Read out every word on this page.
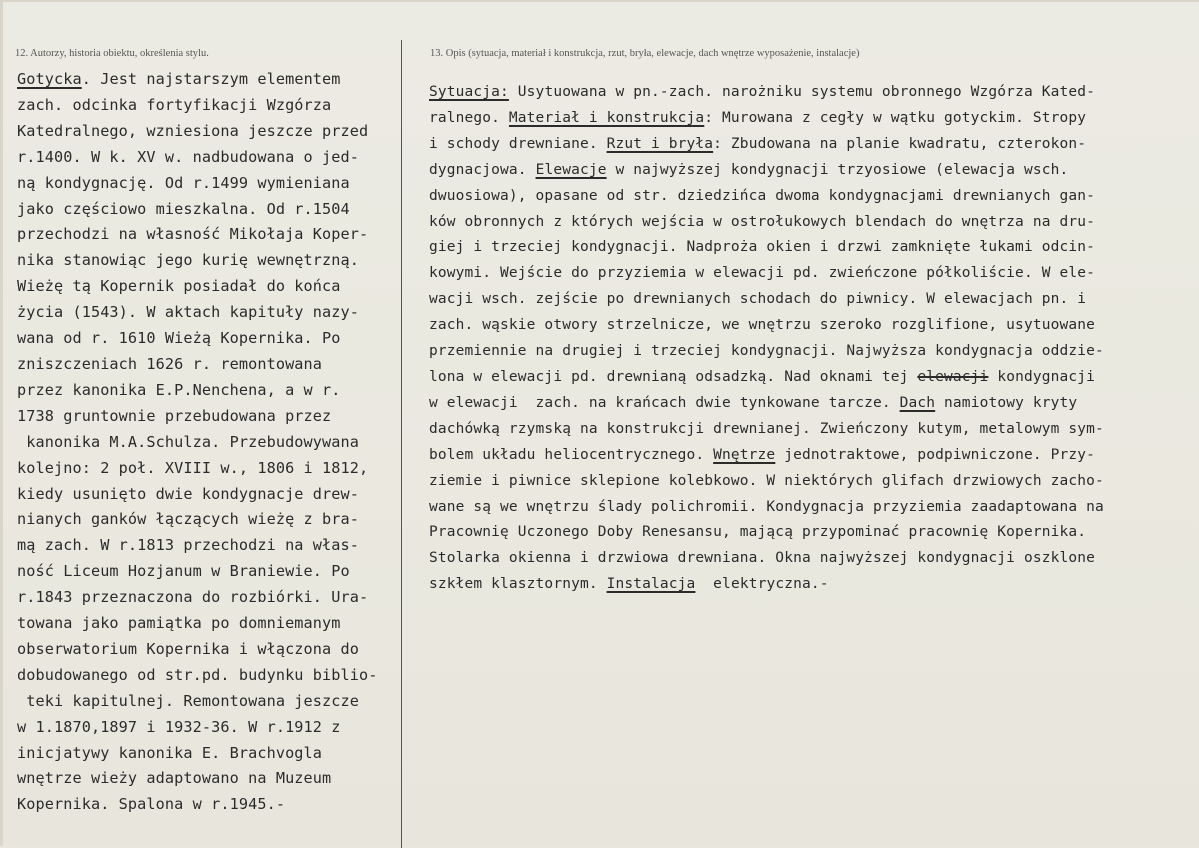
12. Autorzy, historia obiektu, określenia stylu.	13. Opis (sytuacja, materiał i konstrukcja, rzut, bryła, elewacje, dach wnętrze wyposażenie, instalacje)
Gotycka. Jest najstarszym elementem
zach. odcinka fortyfikacji Wzgórza
Katedralnego, wzniesiona jeszcze przed
r.1400. W k. XV w. nadbudowana o jed-
ną kondygnację. Od r.1499 wymieniana
jako częściowo mieszkalna. Od r.1504
przechodzi na własność Mikołaja Koper-
nika stanowiąc jego kurię wewnętrzną.
Wieżę tą Kopernik posiadał do końca
życia (1543). W aktach kapituły nazy-
wana od r. 1610 Wieżą Kopernika. Po
zniszczeniach 1626 r. remontowana
przez kanonika E.P.Nenchena, a w r.
1738 gruntownie przebudowana przez
kanonika M.A.Schulza. Przebudowywana
kolejno: 2 poł. XVIII w., 1806 i 1812,
kiedy usunięto dwie kondygnacje drew-
nianych ganków łączących wieżę z bra-
mą zach. W r.1813 przechodzi na włas-
ność Liceum Hozjanum w Braniewie. Po
r.1843 przeznaczona do rozbiórki. Ura-
towana jako pamiątka po domniemanym
obserwatorium Kopernika i włączona do
dobudowanego od str.pd. budynku biblio-
teki kapitulnej. Remontowana jeszcze
w 1.1870,1897 i 1932-36. W r.1912 z
inicjatywy kanonika E. Brachvogla
wnętrze wieży adaptowano na Muzeum
Kopernika. Spalona w r.1945.-
Sytuacja: Usytuowana w pn.-zach. narożniku systemu obronnego Wzgórza Kated-
ralnego. Materiał i konstrukcja: Murowana z cegły w wątku gotyckim. Stropy
i schody drewniane. Rzut i bryła: Zbudowana na planie kwadratu, czterokon-
dygnacjowa. Elewacje w najwyższej kondygnacji trzyosiowe (elewacja wsch.
dwuosiowa), opasane od str. dziedzińca dwoma kondygnacjami drewnianych gan-
ków obronnych z których wejścia w ostrołukowych blendach do wnętrza na dru-
giej i trzeciej kondygnacji. Nadproża okien i drzwi zamknięte łukami odcin-
kowymi. Wejście do przyziemia w elewacji pd. zwieńczone półkoliście. W ele-
wacji wsch. zejście po drewnianych schodach do piwnicy. W elewacjach pn. i
zach. wąskie otwory strzelnicze, we wnętrzu szeroko rozglifione, usytuowane
przemiennie na drugiej i trzeciej kondygnacji. Najwyższa kondygnacja oddzie-
lona w elewacji pd. drewnianą odsadzką. Nad oknami tej elewacji kondygnacji
w elewacji  zach. na krańcach dwie tynkowane tarcze. Dach namiotowy kryty
dachówką rzymską na konstrukcji drewnianej. Zwieńczony kutym, metalowym sym-
bolem układu heliocentrycznego. Wnętrze jednotraktowe, podpiwniczone. Przy-
ziemie i piwnice sklepione kolebkowo. W niektórych glifach drzwiowych zacho-
wane są we wnętrzu ślady polichromii. Kondygnacja przyziemia zaadaptowana na
Pracownię Uczonego Doby Renesansu, mającą przypominać pracownię Kopernika.
Stolarka okienna i drzwiowa drewniana. Okna najwyższej kondygnacji oszklone
szkłem klasztornym. Instalacja  elektryczna.-
